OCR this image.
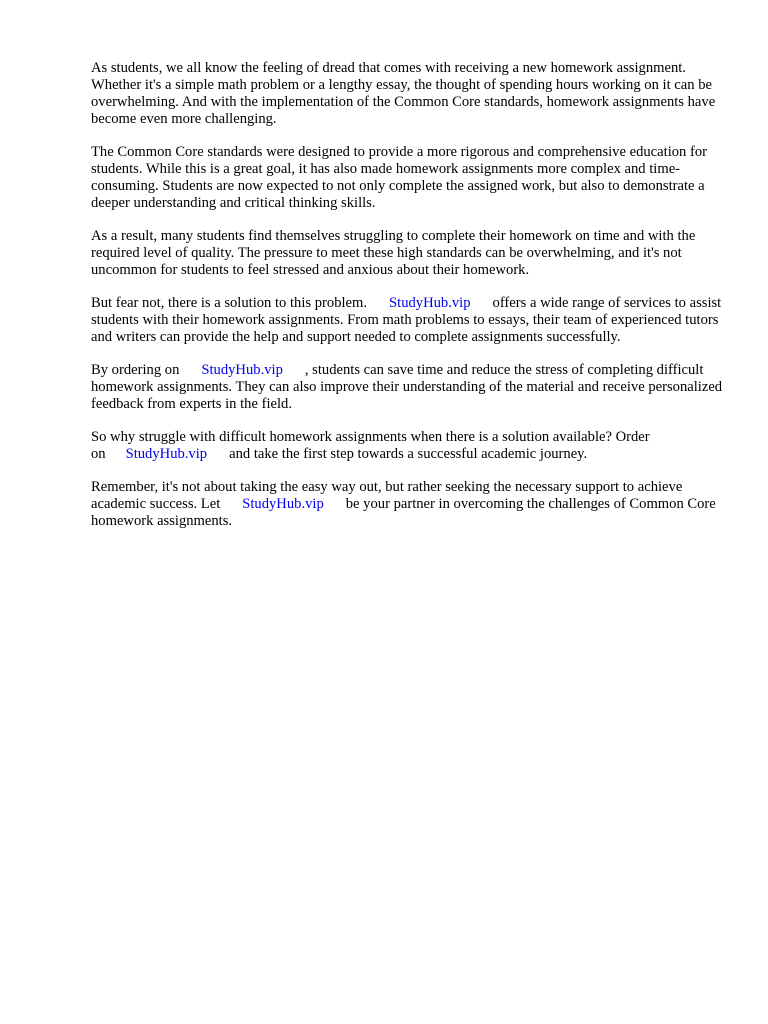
As students, we all know the feeling of dread that comes with receiving a new homework assignment. Whether it's a simple math problem or a lengthy essay, the thought of spending hours working on it can be overwhelming. And with the implementation of the Common Core standards, homework assignments have become even more challenging.

The Common Core standards were designed to provide a more rigorous and comprehensive education for students. While this is a great goal, it has also made homework assignments more complex and time-consuming. Students are now expected to not only complete the assigned work, but also to demonstrate a deeper understanding and critical thinking skills.

As a result, many students find themselves struggling to complete their homework on time and with the required level of quality. The pressure to meet these high standards can be overwhelming, and it's not uncommon for students to feel stressed and anxious about their homework.

But fear not, there is a solution to this problem. StudyHub.vip offers a wide range of services to assist students with their homework assignments. From math problems to essays, their team of experienced tutors and writers can provide the help and support needed to complete assignments successfully.

By ordering on StudyHub.vip , students can save time and reduce the stress of completing difficult homework assignments. They can also improve their understanding of the material and receive personalized feedback from experts in the field.

So why struggle with difficult homework assignments when there is a solution available? Order on StudyHub.vip and take the first step towards a successful academic journey.

Remember, it's not about taking the easy way out, but rather seeking the necessary support to achieve academic success. Let StudyHub.vip be your partner in overcoming the challenges of Common Core homework assignments.
